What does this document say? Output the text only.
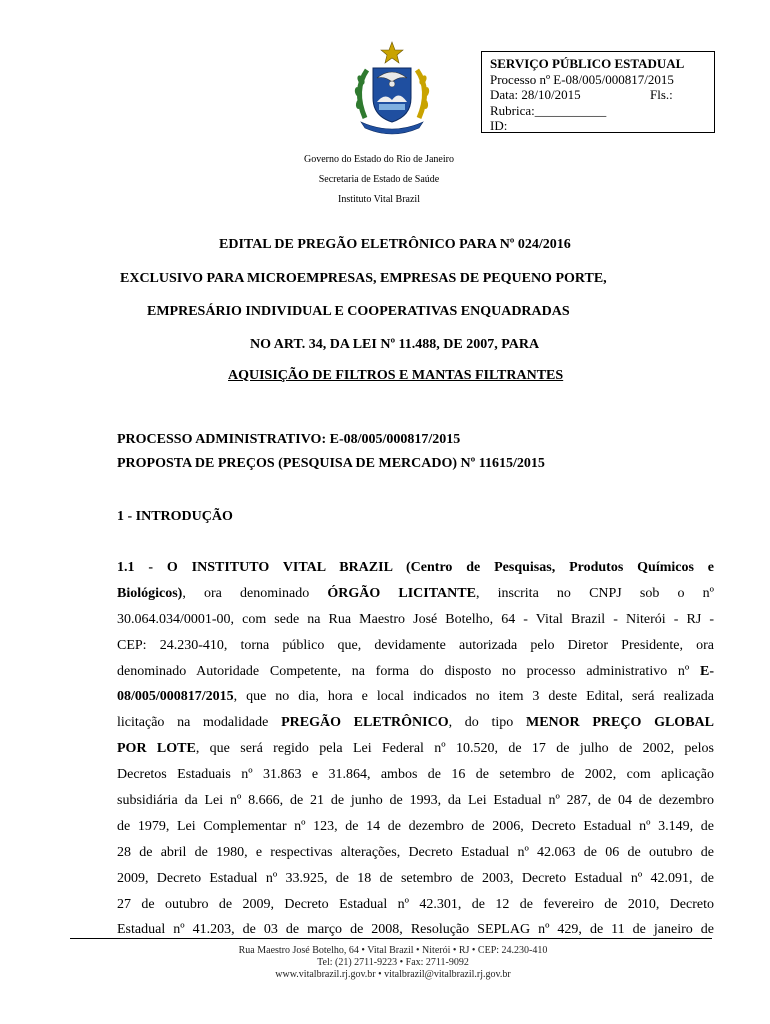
SERVIÇO PÚBLICO ESTADUAL
Processo nº E-08/005/000817/2015
Data: 28/10/2015	Fls.:
Rubrica:___________
ID:
Governo do Estado do Rio de Janeiro
Secretaria de Estado de Saúde
Instituto Vital Brazil
EDITAL DE PREGÃO ELETRÔNICO PARA Nº 024/2016
EXCLUSIVO PARA MICROEMPRESAS, EMPRESAS DE PEQUENO PORTE,
EMPRESÁRIO INDIVIDUAL E COOPERATIVAS ENQUADRADAS
NO ART. 34, DA LEI Nº 11.488, DE 2007, PARA
AQUISIÇÃO DE FILTROS E MANTAS FILTRANTES
PROCESSO ADMINISTRATIVO: E-08/005/000817/2015
PROPOSTA DE PREÇOS (PESQUISA DE MERCADO) Nº 11615/2015
1 - INTRODUÇÃO
1.1 - O INSTITUTO VITAL BRAZIL (Centro de Pesquisas, Produtos Químicos e
Biológicos), ora denominado ÓRGÃO LICITANTE, inscrita no CNPJ sob o nº
30.064.034/0001-00, com sede na Rua Maestro José Botelho, 64 - Vital Brazil - Niterói - RJ -
CEP: 24.230-410, torna público que, devidamente autorizada pelo Diretor Presidente, ora
denominado Autoridade Competente, na forma do disposto no processo administrativo nº E-
08/005/000817/2015, que no dia, hora e local indicados no item 3 deste Edital, será realizada
licitação na modalidade PREGÃO ELETRÔNICO, do tipo MENOR PREÇO GLOBAL
POR LOTE, que será regido pela Lei Federal nº 10.520, de 17 de julho de 2002, pelos
Decretos Estaduais nº 31.863 e 31.864, ambos de 16 de setembro de 2002, com aplicação
subsidiária da Lei nº 8.666, de 21 de junho de 1993, da Lei Estadual nº 287, de 04 de dezembro
de 1979, Lei Complementar nº 123, de 14 de dezembro de 2006, Decreto Estadual nº 3.149, de
28 de abril de 1980, e respectivas alterações, Decreto Estadual nº 42.063 de 06 de outubro de
2009, Decreto Estadual nº 33.925, de 18 de setembro de 2003, Decreto Estadual nº 42.091, de
27 de outubro de 2009, Decreto Estadual nº 42.301, de 12 de fevereiro de 2010, Decreto
Estadual nº 41.203, de 03 de março de 2008, Resolução SEPLAG nº 429, de 11 de janeiro de
Rua Maestro José Botelho, 64 • Vital Brazil • Niterói • RJ • CEP: 24.230-410
Tel: (21) 2711-9223 • Fax: 2711-9092
www.vitalbrazil.rj.gov.br • vitalbrazil@vitalbrazil.rj.gov.br
